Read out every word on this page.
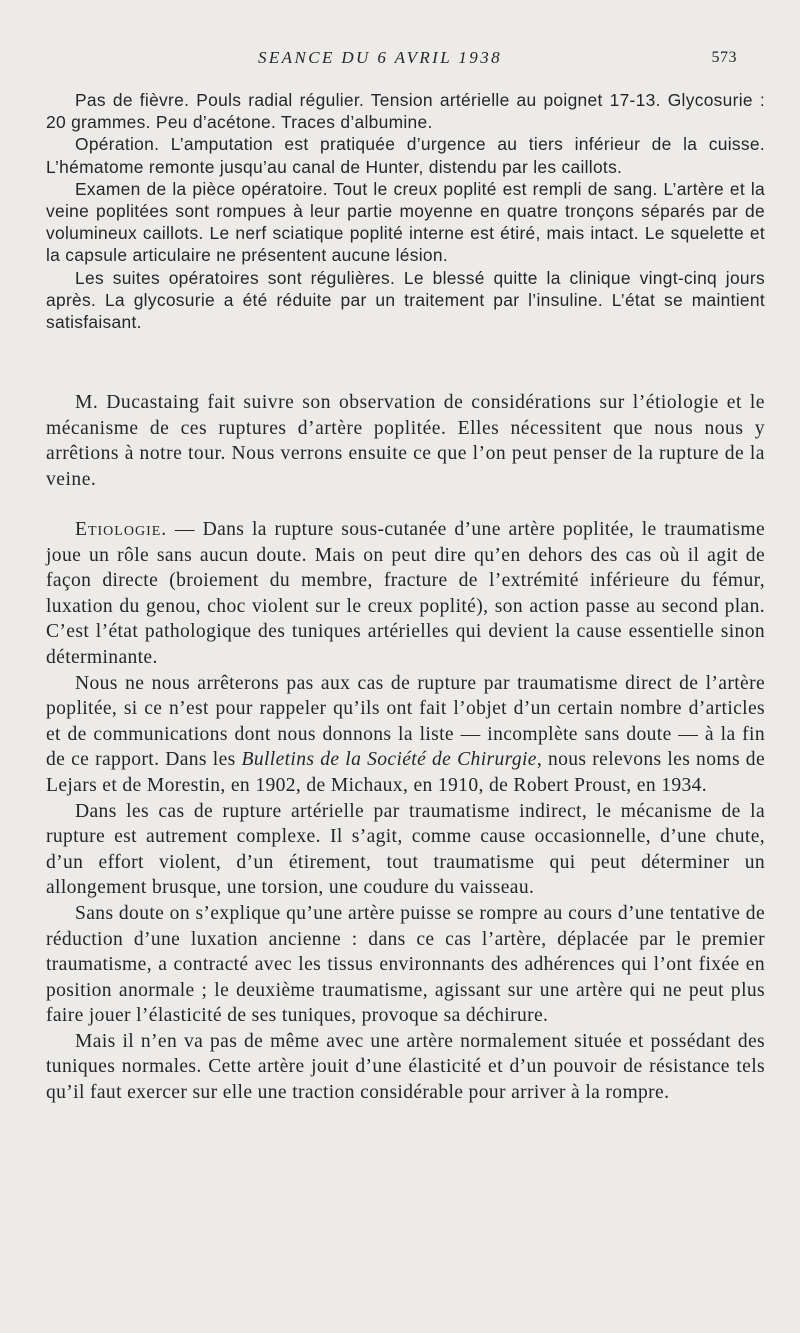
SEANCE DU 6 AVRIL 1938	573

Pas de fièvre. Pouls radial régulier. Tension artérielle au poignet 17-13. Glycosurie : 20 grammes. Peu d’acétone. Traces d’albumine.

Opération. L’amputation est pratiquée d’urgence au tiers inférieur de la cuisse. L’hématome remonte jusqu’au canal de Hunter, distendu par les caillots.

Examen de la pièce opératoire. Tout le creux poplité est rempli de sang. L’artère et la veine poplitées sont rompues à leur partie moyenne en quatre tronçons séparés par de volumineux caillots. Le nerf sciatique poplité interne est étiré, mais intact. Le squelette et la capsule articulaire ne présentent aucune lésion.

Les suites opératoires sont régulières. Le blessé quitte la clinique vingt-cinq jours après. La glycosurie a été réduite par un traitement par l’insuline. L’état se maintient satisfaisant.

M. Ducastaing fait suivre son observation de considérations sur l’étiologie et le mécanisme de ces ruptures d’artère poplitée. Elles nécessitent que nous nous y arrêtions à notre tour. Nous verrons ensuite ce que l’on peut penser de la rupture de la veine.

Etiologie. — Dans la rupture sous-cutanée d’une artère poplitée, le traumatisme joue un rôle sans aucun doute. Mais on peut dire qu’en dehors des cas où il agit de façon directe (broiement du membre, fracture de l’extrémité inférieure du fémur, luxation du genou, choc violent sur le creux poplité), son action passe au second plan. C’est l’état pathologique des tuniques artérielles qui devient la cause essentielle sinon déterminante.

Nous ne nous arrêterons pas aux cas de rupture par traumatisme direct de l’artère poplitée, si ce n’est pour rappeler qu’ils ont fait l’objet d’un certain nombre d’articles et de communications dont nous donnons la liste — incomplète sans doute — à la fin de ce rapport. Dans les Bulletins de la Société de Chirurgie, nous relevons les noms de Lejars et de Morestin, en 1902, de Michaux, en 1910, de Robert Proust, en 1934.

Dans les cas de rupture artérielle par traumatisme indirect, le mécanisme de la rupture est autrement complexe. Il s’agit, comme cause occasionnelle, d’une chute, d’un effort violent, d’un étirement, tout traumatisme qui peut déterminer un allongement brusque, une torsion, une coudure du vaisseau.

Sans doute on s’explique qu’une artère puisse se rompre au cours d’une tentative de réduction d’une luxation ancienne : dans ce cas l’artère, déplacée par le premier traumatisme, a contracté avec les tissus environnants des adhérences qui l’ont fixée en position anormale ; le deuxième traumatisme, agissant sur une artère qui ne peut plus faire jouer l’élasticité de ses tuniques, provoque sa déchirure.

Mais il n’en va pas de même avec une artère normalement située et possédant des tuniques normales. Cette artère jouit d’une élasticité et d’un pouvoir de résistance tels qu’il faut exercer sur elle une traction considérable pour arriver à la rompre.
